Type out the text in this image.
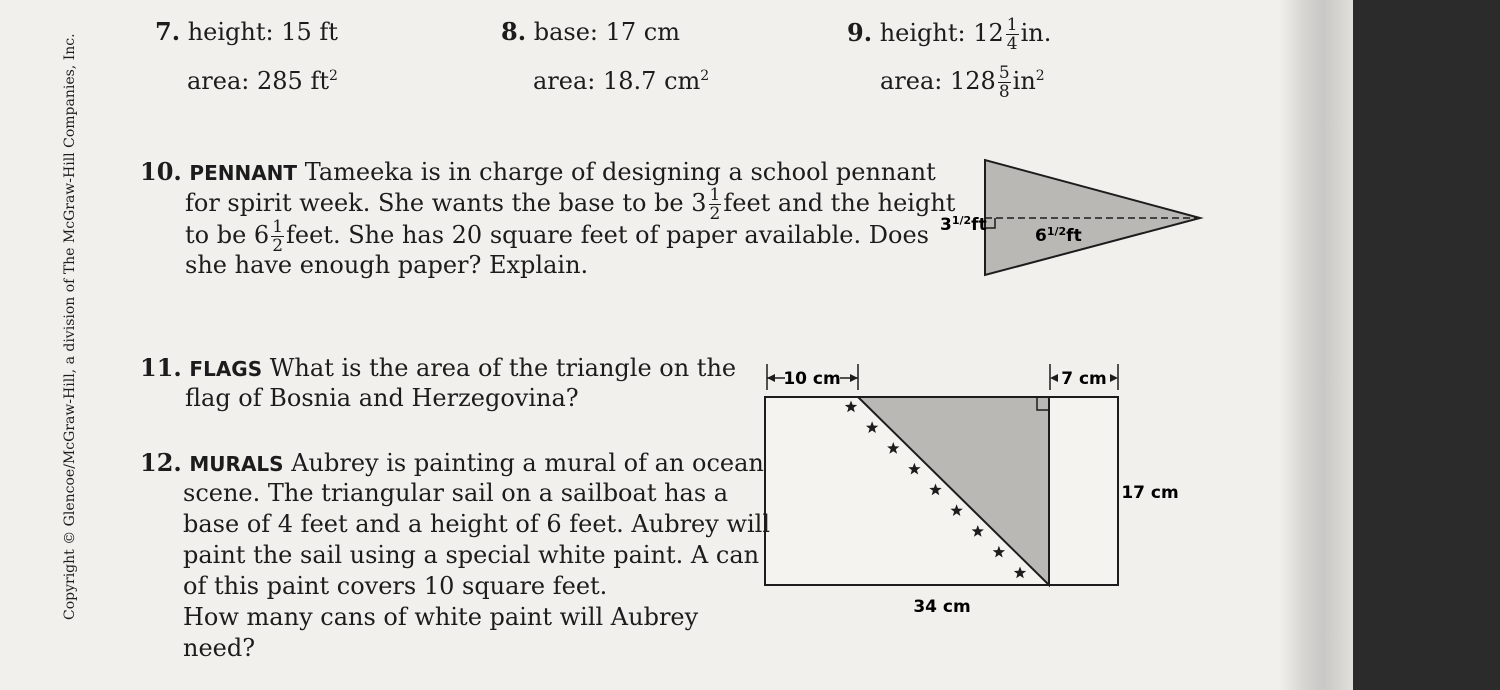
Copyright © Glencoe/McGraw-Hill, a division of The McGraw-Hill Companies, Inc.
7. height: 15 ft
area: 285 $ft^2$
8. base: 17 cm
area: 18.7 $cm^2$
9. height: $12 \frac{1}{4}$ in.
area: $128 \frac{5}{8} in^2$
10. PENNANT Tameeka is in charge of designing a school pennant
for spirit week. She wants the base to be $3 \frac{1}{2}$ feet and the height
to be $6 \frac{1}{2}$ feet. She has 20 square feet of paper available. Does
she have enough paper? Explain.
$3^{1/2}ft$
$6^{1/2}ft$
11. FLAGS What is the area of the triangle on the
flag of Bosnia and Herzegovina?
10 cm	7 cm
17 cm
34 cm
12. MURALS Aubrey is painting a mural of an ocean
scene. The triangular sail on a sailboat has a
base of 4 feet and a height of 6 feet. Aubrey will
paint the sail using a special white paint. A can
of this paint covers 10 square feet.
How many cans of white paint will Aubrey
need?
